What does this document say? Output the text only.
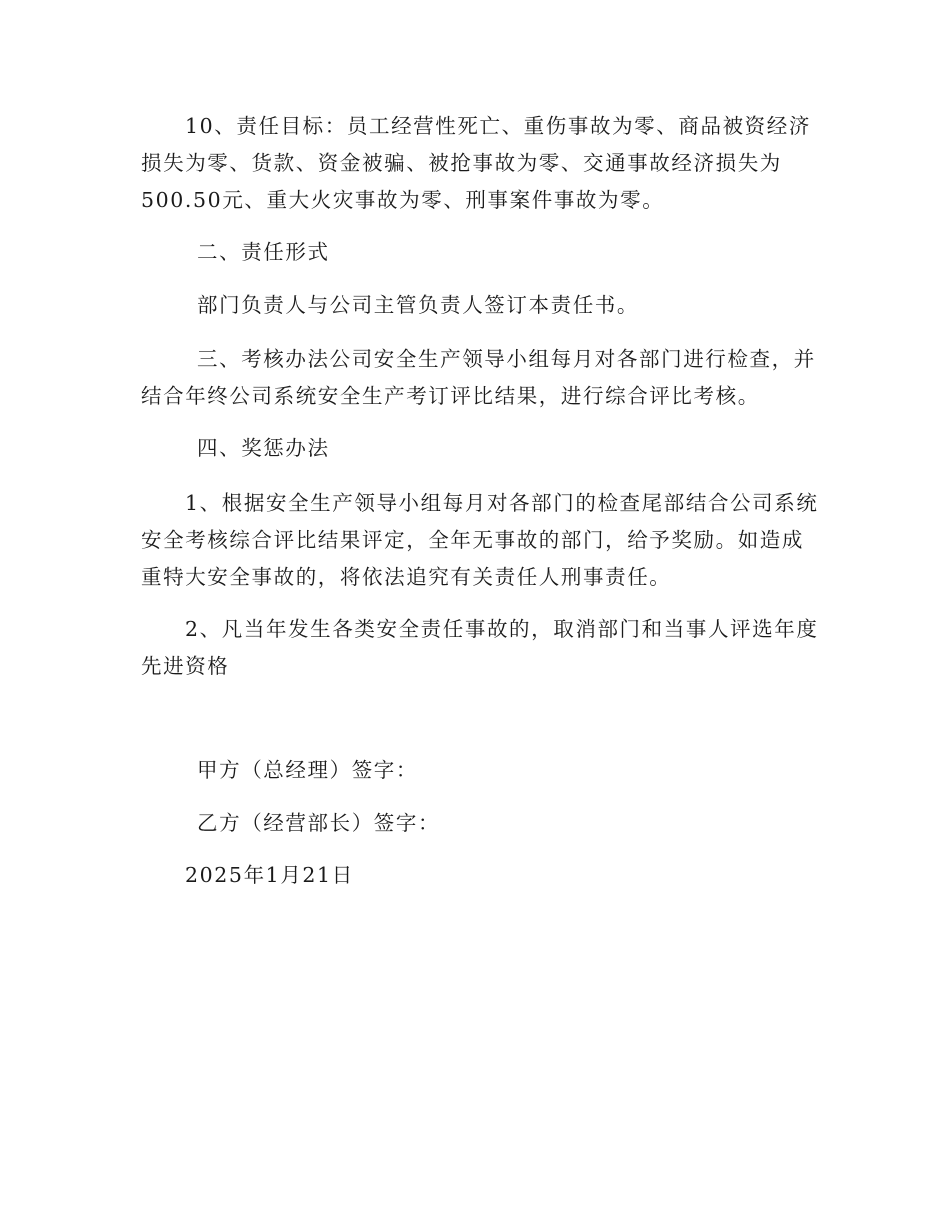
10、责任目标：员工经营性死亡、重伤事故为零、商品被资经济
损失为零、货款、资金被骗、被抢事故为零、交通事故经济损失为
500.50元、重大火灾事故为零、刑事案件事故为零。

二、责任形式

部门负责人与公司主管负责人签订本责任书。

三、考核办法公司安全生产领导小组每月对各部门进行检查，并
结合年终公司系统安全生产考订评比结果，进行综合评比考核。

四、奖惩办法

1、根据安全生产领导小组每月对各部门的检查尾部结合公司系统
安全考核综合评比结果评定，全年无事故的部门，给予奖励。如造成
重特大安全事故的，将依法追究有关责任人刑事责任。

2、凡当年发生各类安全责任事故的，取消部门和当事人评选年度
先进资格

甲方（总经理）签字：

乙方（经营部长）签字：

2025年1月21日
